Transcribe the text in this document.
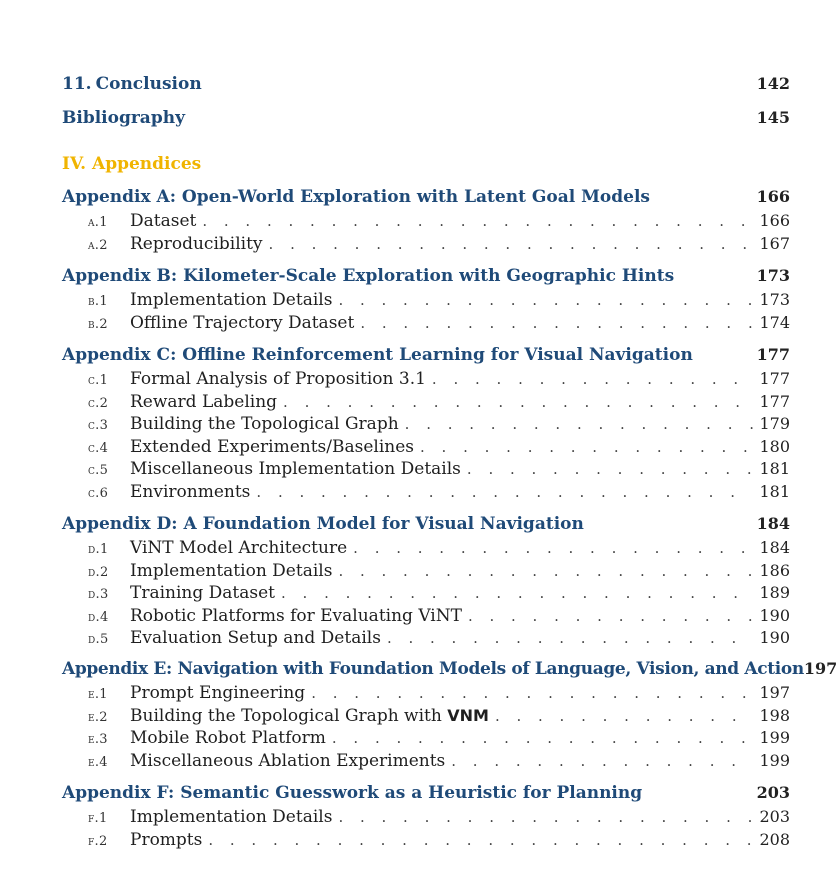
11. Conclusion	142
Bibliography	145
IV. Appendices
Appendix A: Open-World Exploration with Latent Goal Models	166
a.1	Dataset . . .	166
a.2	Reproducibility . . .	167
Appendix B: Kilometer-Scale Exploration with Geographic Hints	173
b.1	Implementation Details . . .	173
b.2	Offline Trajectory Dataset . . .	174
Appendix C: Offline Reinforcement Learning for Visual Navigation	177
c.1	Formal Analysis of Proposition 3.1 . . .	177
c.2	Reward Labeling . . .	177
c.3	Building the Topological Graph . . .	179
c.4	Extended Experiments/Baselines . . .	180
c.5	Miscellaneous Implementation Details . . .	181
c.6	Environments . . .	181
Appendix D: A Foundation Model for Visual Navigation	184
d.1	ViNT Model Architecture . . .	184
d.2	Implementation Details . . .	186
d.3	Training Dataset . . .	189
d.4	Robotic Platforms for Evaluating ViNT . . .	190
d.5	Evaluation Setup and Details . . .	190
Appendix E: Navigation with Foundation Models of Language, Vision, and Action 197
e.1	Prompt Engineering . . .	197
e.2	Building the Topological Graph with VNM . . .	198
e.3	Mobile Robot Platform . . .	199
e.4	Miscellaneous Ablation Experiments . . .	199
Appendix F: Semantic Guesswork as a Heuristic for Planning	203
f.1	Implementation Details . . .	203
f.2	Prompts . . .	208
